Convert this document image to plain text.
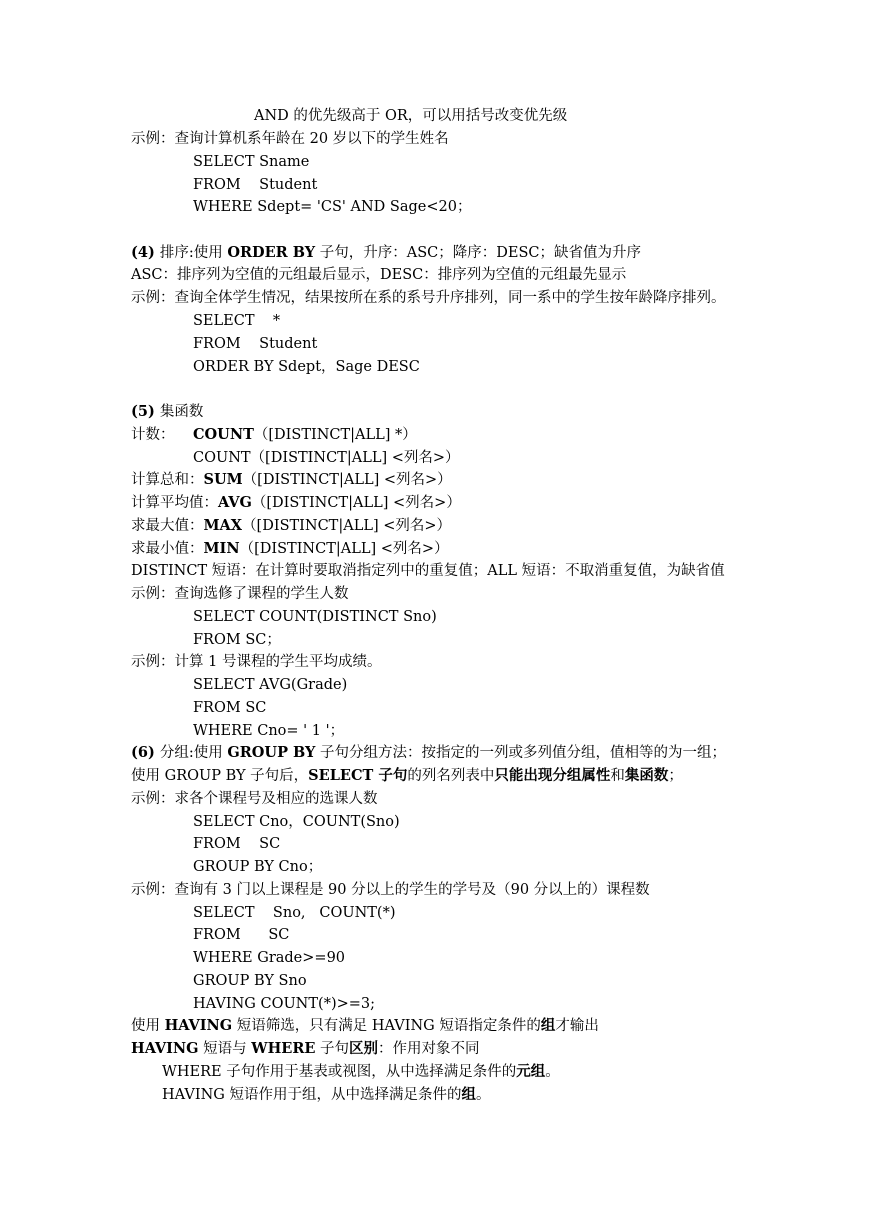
AND 的优先级高于 OR，可以用括号改变优先级
示例：查询计算机系年龄在 20 岁以下的学生姓名
SELECT Sname
FROM    Student
WHERE Sdept= 'CS' AND Sage<20；
(4) 排序:使用 ORDER BY 子句，升序：ASC；降序：DESC；缺省值为升序
ASC：排序列为空值的元组最后显示，DESC：排序列为空值的元组最先显示
示例：查询全体学生情况，结果按所在系的系号升序排列，同一系中的学生按年龄降序排列。
SELECT    *
FROM    Student
ORDER BY Sdept，Sage DESC
(5) 集函数
计数： COUNT（[DISTINCT|ALL] *）
COUNT（[DISTINCT|ALL] <列名>）
计算总和：SUM（[DISTINCT|ALL] <列名>）
计算平均值：AVG（[DISTINCT|ALL] <列名>）
求最大值：MAX（[DISTINCT|ALL] <列名>）
求最小值：MIN（[DISTINCT|ALL] <列名>）
DISTINCT 短语：在计算时要取消指定列中的重复值；ALL 短语：不取消重复值，为缺省值
示例：查询选修了课程的学生人数
SELECT COUNT(DISTINCT Sno)
FROM SC；
示例：计算 1 号课程的学生平均成绩。
SELECT AVG(Grade)
FROM SC
WHERE Cno= ' 1 '；
(6) 分组:使用 GROUP BY 子句分组方法：按指定的一列或多列值分组，值相等的为一组；
使用 GROUP BY 子句后，SELECT 子句的列名列表中只能出现分组属性和集函数；
示例：求各个课程号及相应的选课人数
SELECT Cno，COUNT(Sno)
FROM    SC
GROUP BY Cno；
示例：查询有 3 门以上课程是 90 分以上的学生的学号及（90 分以上的）课程数
SELECT    Sno,   COUNT(*)
FROM      SC
WHERE Grade>=90
GROUP BY Sno
HAVING COUNT(*)>=3;
使用 HAVING 短语筛选，只有满足 HAVING 短语指定条件的组才输出
HAVING 短语与 WHERE 子句区别：作用对象不同
WHERE 子句作用于基表或视图，从中选择满足条件的元组。
HAVING 短语作用于组，从中选择满足条件的组。
